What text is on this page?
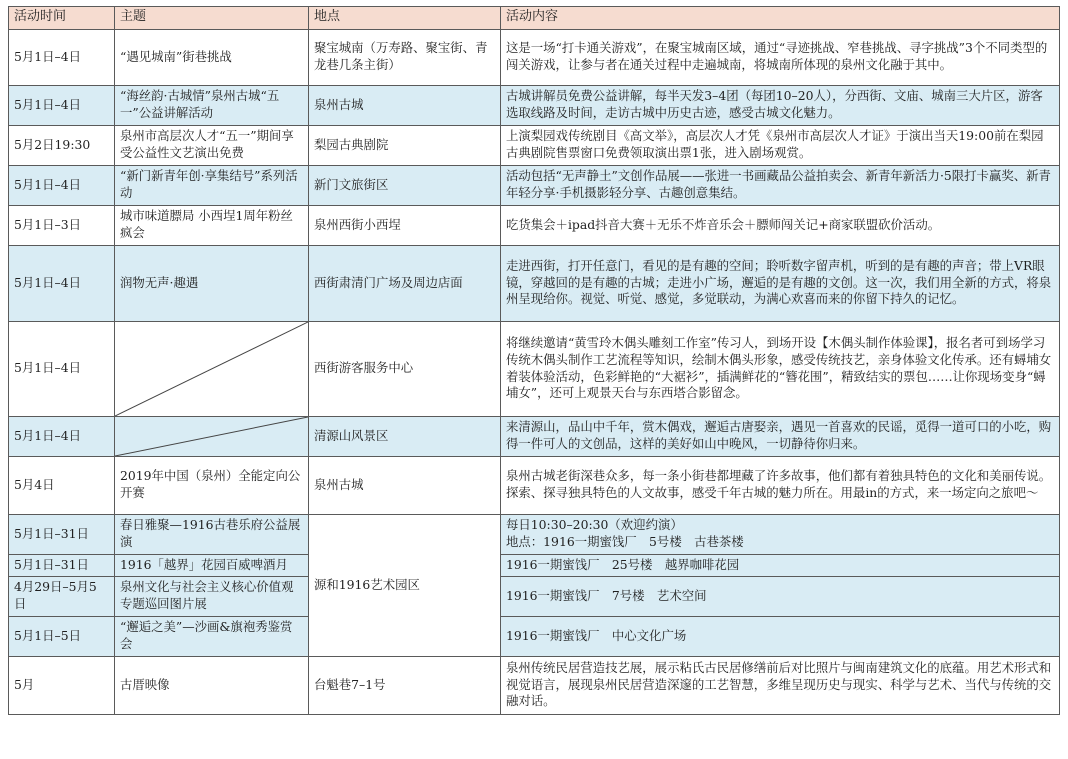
活动时间	主题	地点	活动内容
5月1日–4日	“遇见城南”街巷挑战	聚宝城南（万寿路、聚宝街、青龙巷几条主街）	这是一场“打卡通关游戏”，在聚宝城南区域，通过“寻迹挑战、窄巷挑战、寻字挑战”3个不同类型的闯关游戏，让参与者在通关过程中走遍城南，将城南所体现的泉州文化融于其中。
5月1日–4日	“海丝韵·古城情”泉州古城“五一”公益讲解活动	泉州古城	古城讲解员免费公益讲解，每半天发3–4团（每团10–20人），分西街、文庙、城南三大片区，游客选取线路及时间，走访古城中历史古迹，感受古城文化魅力。
5月2日19:30	泉州市高层次人才“五一”期间享受公益性文艺演出免费	梨园古典剧院	上演梨园戏传统剧目《高文举》，高层次人才凭《泉州市高层次人才证》于演出当天19:00前在梨园古典剧院售票窗口免费领取演出票1张，进入剧场观赏。
5月1日–4日	“新门新青年创·享集结号”系列活动	新门文旅街区	活动包括“无声静土”文创作品展——张进一书画藏品公益拍卖会、新青年新活力·5限打卡赢奖、新青年轻分享·手机摄影轻分享、古趣创意集结。
5月1日–3日	城市味道膘局 小西埕1周年粉丝疯会	泉州西街小西埕	吃货集会＋ipad抖音大赛＋无乐不炸音乐会＋膘师闯关记+商家联盟砍价活动。
5月1日–4日	润物无声·趣遇	西街肃清门广场及周边店面	走进西街，打开任意门，看见的是有趣的空间；聆听数字留声机，听到的是有趣的声音；带上VR眼镜，穿越回的是有趣的古城；走进小广场，邂逅的是有趣的文创。这一次，我们用全新的方式，将泉州呈现给你。视觉、听觉、感觉，多觉联动，为满心欢喜而来的你留下持久的记忆。
5月1日–4日		西街游客服务中心	将继续邀请“黄雪玲木偶头雕刻工作室”传习人，到场开设【木偶头制作体验课】，报名者可到场学习传统木偶头制作工艺流程等知识，绘制木偶头形象，感受传统技艺，亲身体验文化传承。还有蟳埔女着装体验活动，色彩鲜艳的“大裾衫”，插满鲜花的“簪花围”，精致结实的票包……让你现场变身“蟳埔女”，还可上观景天台与东西塔合影留念。
5月1日–4日		清源山风景区	来清源山，品山中千年，赏木偶戏，邂逅古唐娶亲，遇见一首喜欢的民谣，觅得一道可口的小吃，购得一件可人的文创品，这样的美好如山中晚风，一切静待你归来。
5月4日	2019年中国（泉州）全能定向公开赛	泉州古城	泉州古城老街深巷众多，每一条小街巷都埋藏了许多故事，他们都有着独具特色的文化和美丽传说。探索、探寻独具特色的人文故事，感受千年古城的魅力所在。用最in的方式，来一场定向之旅吧～
5月1日–31日	春日雅聚—1916古巷乐府公益展演	源和1916艺术园区	每日10:30–20:30（欢迎约演）
地点：1916一期蜜饯厂　5号楼　古巷茶楼
5月1日–31日	1916「越界」花园百威啤酒月		1916一期蜜饯厂　25号楼　越界咖啡花园
4月29日–5月5日	泉州文化与社会主义核心价值观专题巡回图片展		1916一期蜜饯厂　7号楼　艺术空间
5月1日–5日	“邂逅之美”—沙画&旗袍秀鉴赏会		1916一期蜜饯厂　中心文化广场
5月	古厝映像	台魁巷7–1号	泉州传统民居营造技艺展，展示粘氏古民居修缮前后对比照片与闽南建筑文化的底蕴。用艺术形式和视觉语言，展现泉州民居营造深邃的工艺智慧，多维呈现历史与现实、科学与艺术、当代与传统的交融对话。
